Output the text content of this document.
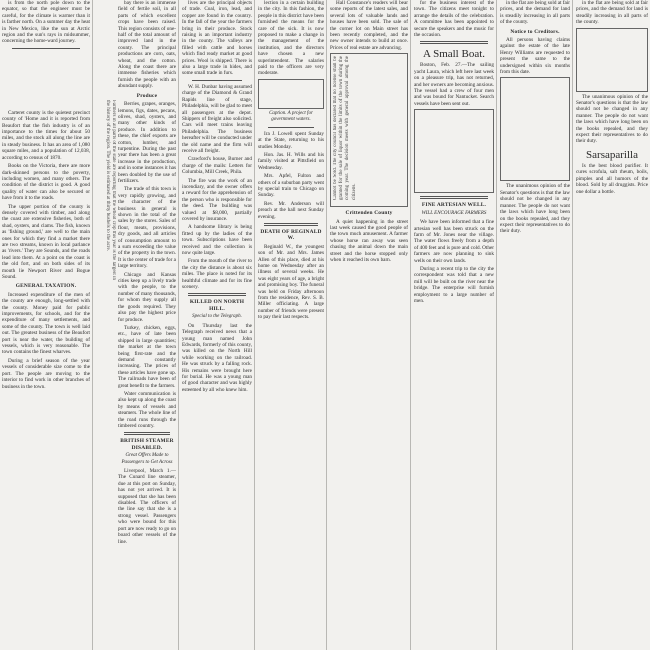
is from the north pole down to the equator, so that the engineer must be careful, for the climate is warmer than it is farther north. On a summer day the heat in New Mexico, like the sun at Arctic region and the sun's rays in midsummer, concerning the home-ward journey.

Carteret county is the quietest precinct county of 'Home and it is reported from Beaufort that the fish industry is of an importance to the times for about 50 miles, and the stock all along the line are in steady business. It has an area of 1,080 square miles, and a population of 12,038, according to census of 1870.

Books on the Victoria, there are more dark-skinned persons to the poverty, including women, and many others. The condition of the district is good. A good quality of water can also be secured or have from it to the roads.

The upper portion of the county is densely covered with timber, and along the coast are extensive fisheries, both of shad, oysters, and clams. The fish, known as 'fishing ground,' are well to the main ones for which they find a market there are two streams, known in local parlance as 'rivers.' They are Sounds, and the roads lead into them. At a point on the coast is the old fort, and on both sides of its mouth lie Newport River and Bogue Sound.

GENERAL TAXATION.

Increased expenditure of the men of the county are enough, long-settled with the county. Money paid for public improvements, for schools, and for the expenditure of many settlements, and some of the county. The town is well laid out. The greatest business of the Beaufort port is near the water, the building of vessels, which is very reasonable. The town contains the finest wharves.

During a brief season of the year vessels of considerable size come to the port. The people are moving to the interior to find work in other branches of business in the town.

Farmers in all parts of the state are reporting that the wheat crop this year is the largest in the history of the region. The yield is estimated at thirty bushels to the acre.

bay there is an immense field of fertile soil, in all parts of which excellent crops have been raised. This region consists of one-half of the total amount of improved land in the county. The principal productions are corn, oats, wheat, and the cotton. Along the coast there are immense fisheries which furnish the people with an abundant supply.

Produce

Berries, grapes, oranges, lemons, figs, dates, pecans, olives, shad, oysters, and many other kinds of produce. In addition to these, the chief exports are cotton, lumber, and turpentine. During the past year there has been a great increase in the production, and in some instances it has been doubled by the use of fertilizers.

The trade of this town is very rapidly growing, and the character of the business in general is shown in the total of the sales by the stores. Sales of flour, meats, provisions, dry goods, and all articles of consumption amount to a sum exceeding the value of the property in the town. It is the center of trade for a large territory.

Chicago and Kansas cities keep up a lively trade with the people, to the number of many thousands, for whom they supply all the goods required. They also pay the highest price for produce.

Turkey, chicken, eggs, etc., have of late been shipped in large quantities; the market at the town being first-rate and the demand constantly increasing. The prices of these articles have gone up. The railroads have been of great benefit to the farmers.

Water communication is also kept up along the coast by means of vessels and steamers. The whole line of the road runs through the timbered country.

BRITISH STEAMER DISABLED.
Great Offers Made to Passengers to Get Across

Liverpool, March 1.—The Cunard line steamer, due at this port on Sunday, has not yet arrived. It is supposed that she has been disabled. The officers of the line say that she is a strong vessel. Passengers who were bound for this port are now ready to go on board other vessels of the line.

lives are the principal objects of trade. Coal, iron, lead, and copper are found in the country. In the fall of the year the farmers bring in their produce. Stock raising is an important industry in the county. The valleys are filled with cattle and horses which find ready market at good prices. Wool is shipped. There is also a large trade in hides, and some small trade in furs.

W. H. Dunbar having assumed charge of the Diamond & Grand Rapids line of stage, Philadelphia, will be glad to meet all passengers at the depot. Shippers of freight also solicited. Cars will meet trains leaving Philadelphia. The business hereafter will be conducted under the old name and the firm will receive all freight.

Crawford's house, Burner and charge of the mails: Letters for Columbia, Mill Creek, Phila.

The fire was the work of an incendiary, and the owner offers a reward for the apprehension of the person who is responsible for the deed. The building was valued at $8,000, partially covered by insurance.

A handsome library is being fitted up by the ladies of the town. Subscriptions have been received and the collection is now quite large.

From the mouth of the river to the city the distance is about six miles. The place is noted for its healthful climate and for its fine scenery.

KILLED ON NORTH HILL.
Special to the Telegraph.

On Thursday last the Telegraph received news that a young man named John Edwards, formerly of this county, was killed on the North Hill while working on the railroad. He was struck by a falling rock. His remains were brought here for burial. He was a young man of good character and was highly esteemed by all who knew him.

lection in a certain building in the city. In this fashion, the people in this district have been furnished the means for the care of the sick. It is now proposed to make a change in the management of the institution, and the directors have chosen a new superintendent. The salaries paid to the officers are very moderate.

Caption. A project for government waters.

Ira J. Lowell spent Sunday at the State, returning to his studies Monday.

Hon. Jas. H. Wills and his family visited at Pittsfield on Wednesday.

Mrs. Apfel, Fulton and others of a suburban party went by special train to Chicago on Sunday.

Rev. Mr. Anderson will preach at the hall next Sunday evening.

DEATH OF REGINALD W.

Reginald W., the youngest son of Mr. and Mrs. James Allen of this place, died at his home on Wednesday after an illness of several weeks. He was eight years of age, a bright and promising boy. The funeral was held on Friday afternoon from the residence, Rev. S. B. Miller officiating. A large number of friends were present to pay their last respects.

Hall Constance's readers will bear some reports of the latest sales, and several lots of valuable lands and houses have been sold. The sale of the corner lot on Main street has been recently completed, and the new owner intends to build at once. Prices of real estate are advancing.

Cannot be Sold. The city council has declared that no license shall be granted for the sale of liquor within the limits of the town during the coming year. The decision meets with general approval among the citizens.
Crittenden County

A quiet happening in the street last week caused the good people of the town much amusement. A farmer whose horse ran away was seen chasing the animal down the main street and the horse stopped only when it reached its own barn.

for the business interest of the town. The citizens meet tonight to arrange the details of the celebration. A committee has been appointed to secure the speakers and the music for the occasion.

A Small Boat.

Boston, Feb. 27.—The sailing yacht Laura, which left here last week on a pleasure trip, has not returned, and her owners are becoming anxious. The vessel had a crew of four men and was bound for Nantucket. Search vessels have been sent out.

FINE ARTESIAN WELL.
WILL ENCOURAGE FARMERS

We have been informed that a fine artesian well has been struck on the farm of Mr. Jones near the village. The water flows freely from a depth of 400 feet and is pure and cold. Other farmers are now planning to sink wells on their own lands.

During a recent trip to the city the correspondent was told that a new mill will be built on the river near the bridge. The enterprise will furnish employment to a large number of men.

in the flat are being sold at fair prices, and the demand for land is steadily increasing in all parts of the county.

Notice to Creditors.

All persons having claims against the estate of the late Henry Williams are requested to present the same to the undersigned within six months from this date.

The unanimous opinion of the Senator's questions is that the law should not be changed in any manner. The people do not want the laws which have long been on the books repealed, and they expect their representatives to do their duty.

in the flat are being sold at fair prices, and the demand for land is steadily increasing in all parts of the county.

The unanimous opinion of the Senator's questions is that the law should not be changed in any manner. The people do not want the laws which have long been on the books repealed, and they expect their representatives to do their duty.

Sarsaparilla

Is the best blood purifier. It cures scrofula, salt rheum, boils, pimples and all humors of the blood. Sold by all druggists. Price one dollar a bottle.
